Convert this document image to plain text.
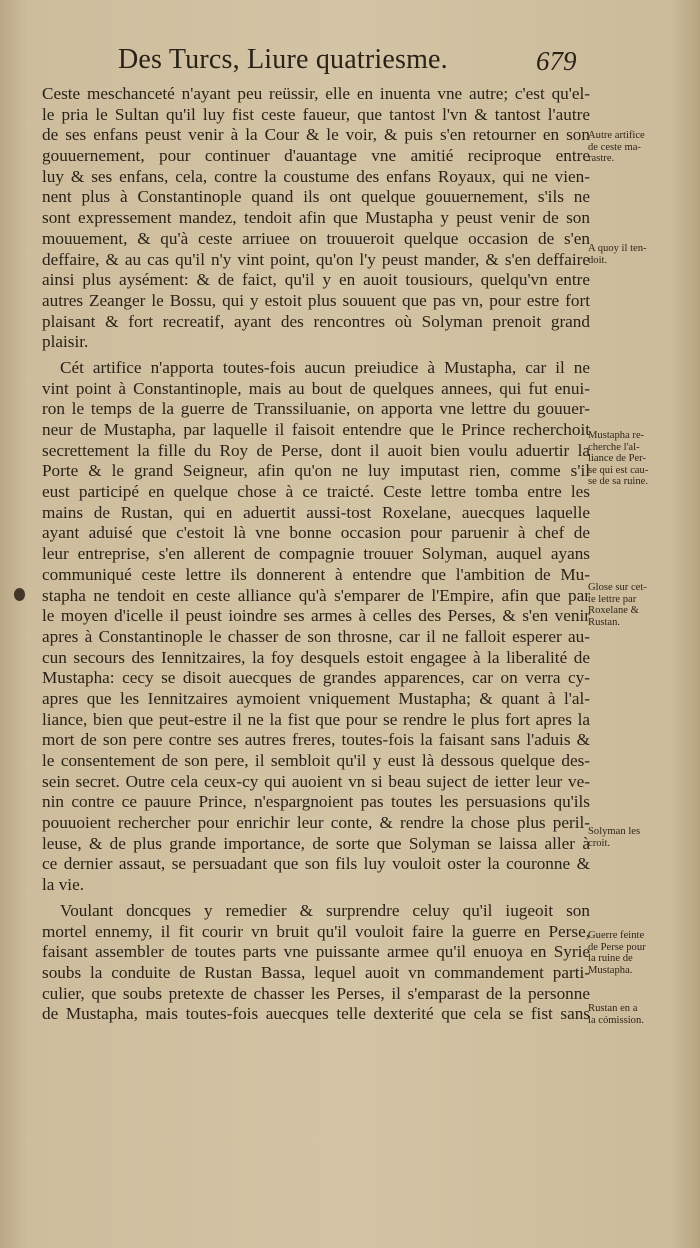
Des Turcs, Liure quatriesme.	679
Ceste meschanceté n'ayant peu reüssir, elle en inuenta vne autre; c'est qu'el-
le pria le Sultan qu'il luy fist ceste faueur, que tantost l'vn & tantost l'autre
de ses enfans peust venir à la Cour & le voir, & puis s'en retourner en son
gouuernement, pour continuer d'auantage vne amitié reciproque entre
luy & ses enfans, cela, contre la coustume des enfans Royaux, qui ne vien-
nent plus à Constantinople quand ils ont quelque gouuernement, s'ils ne
sont expressement mandez, tendoit afin que Mustapha y peust venir de son
mouuement, & qu'à ceste arriuee on trouueroit quelque occasion de s'en
deffaire, & au cas qu'il n'y vint point, qu'on l'y peust mander, & s'en deffaire
ainsi plus aysément: & de faict, qu'il y en auoit tousiours, quelqu'vn entre
autres Zeanger le Bossu, qui y estoit plus souuent que pas vn, pour estre fort
plaisant & fort recreatif, ayant des rencontres où Solyman prenoit grand
plaisir.
Cét artifice n'apporta toutes-fois aucun preiudice à Mustapha, car il ne
vint point à Constantinople, mais au bout de quelques annees, qui fut enui-
ron le temps de la guerre de Transsiluanie, on apporta vne lettre du gouuer-
neur de Mustapha, par laquelle il faisoit entendre que le Prince recherchoit
secrettement la fille du Roy de Perse, dont il auoit bien voulu aduertir la
Porte & le grand Seigneur, afin qu'on ne luy imputast rien, comme s'il
eust participé en quelque chose à ce traicté. Ceste lettre tomba entre les
mains de Rustan, qui en aduertit aussi-tost Roxelane, auecques laquelle
ayant aduisé que c'estoit là vne bonne occasion pour paruenir à chef de
leur entreprise, s'en allerent de compagnie trouuer Solyman, auquel ayans
communiqué ceste lettre ils donnerent à entendre que l'ambition de Mu-
stapha ne tendoit en ceste alliance qu'à s'emparer de l'Empire, afin que par
le moyen d'icelle il peust ioindre ses armes à celles des Perses, & s'en venir
apres à Constantinople le chasser de son throsne, car il ne falloit esperer au-
cun secours des Iennitzaires, la foy desquels estoit engagee à la liberalité de
Mustapha: cecy se disoit auecques de grandes apparences, car on verra cy-
apres que les Iennitzaires aymoient vniquement Mustapha; & quant à l'al-
liance, bien que peut-estre il ne la fist que pour se rendre le plus fort apres la
mort de son pere contre ses autres freres, toutes-fois la faisant sans l'aduis &
le consentement de son pere, il sembloit qu'il y eust là dessous quelque des-
sein secret. Outre cela ceux-cy qui auoient vn si beau suject de ietter leur ve-
nin contre ce pauure Prince, n'espargnoient pas toutes les persuasions qu'ils
pouuoient rechercher pour enrichir leur conte, & rendre la chose plus peril-
leuse, & de plus grande importance, de sorte que Solyman se laissa aller à
ce dernier assaut, se persuadant que son fils luy vouloit oster la couronne &
la vie.
Voulant doncques y remedier & surprendre celuy qu'il iugeoit son
mortel ennemy, il fit courir vn bruit qu'il vouloit faire la guerre en Perse,
faisant assembler de toutes parts vne puissante armee qu'il enuoya en Syrie
soubs la conduite de Rustan Bassa, lequel auoit vn commandement parti-
culier, que soubs pretexte de chasser les Perses, il s'emparast de la personne
de Mustapha, mais toutes-fois auecques telle dexterité que cela se fist sans
Autre artifice
de ceste ma-
rastre.
A quoy il ten-
doit.
Mustapha re-
cherche l'al-
liance de Per-
se qui est cau-
se de sa ruine.
Glose sur cet-
te lettre par
Roxelane &
Rustan.
Solyman les
croit.
Guerre feinte
de Perse pour
la ruine de
Mustapha.
Rustan en a
la cómission.
